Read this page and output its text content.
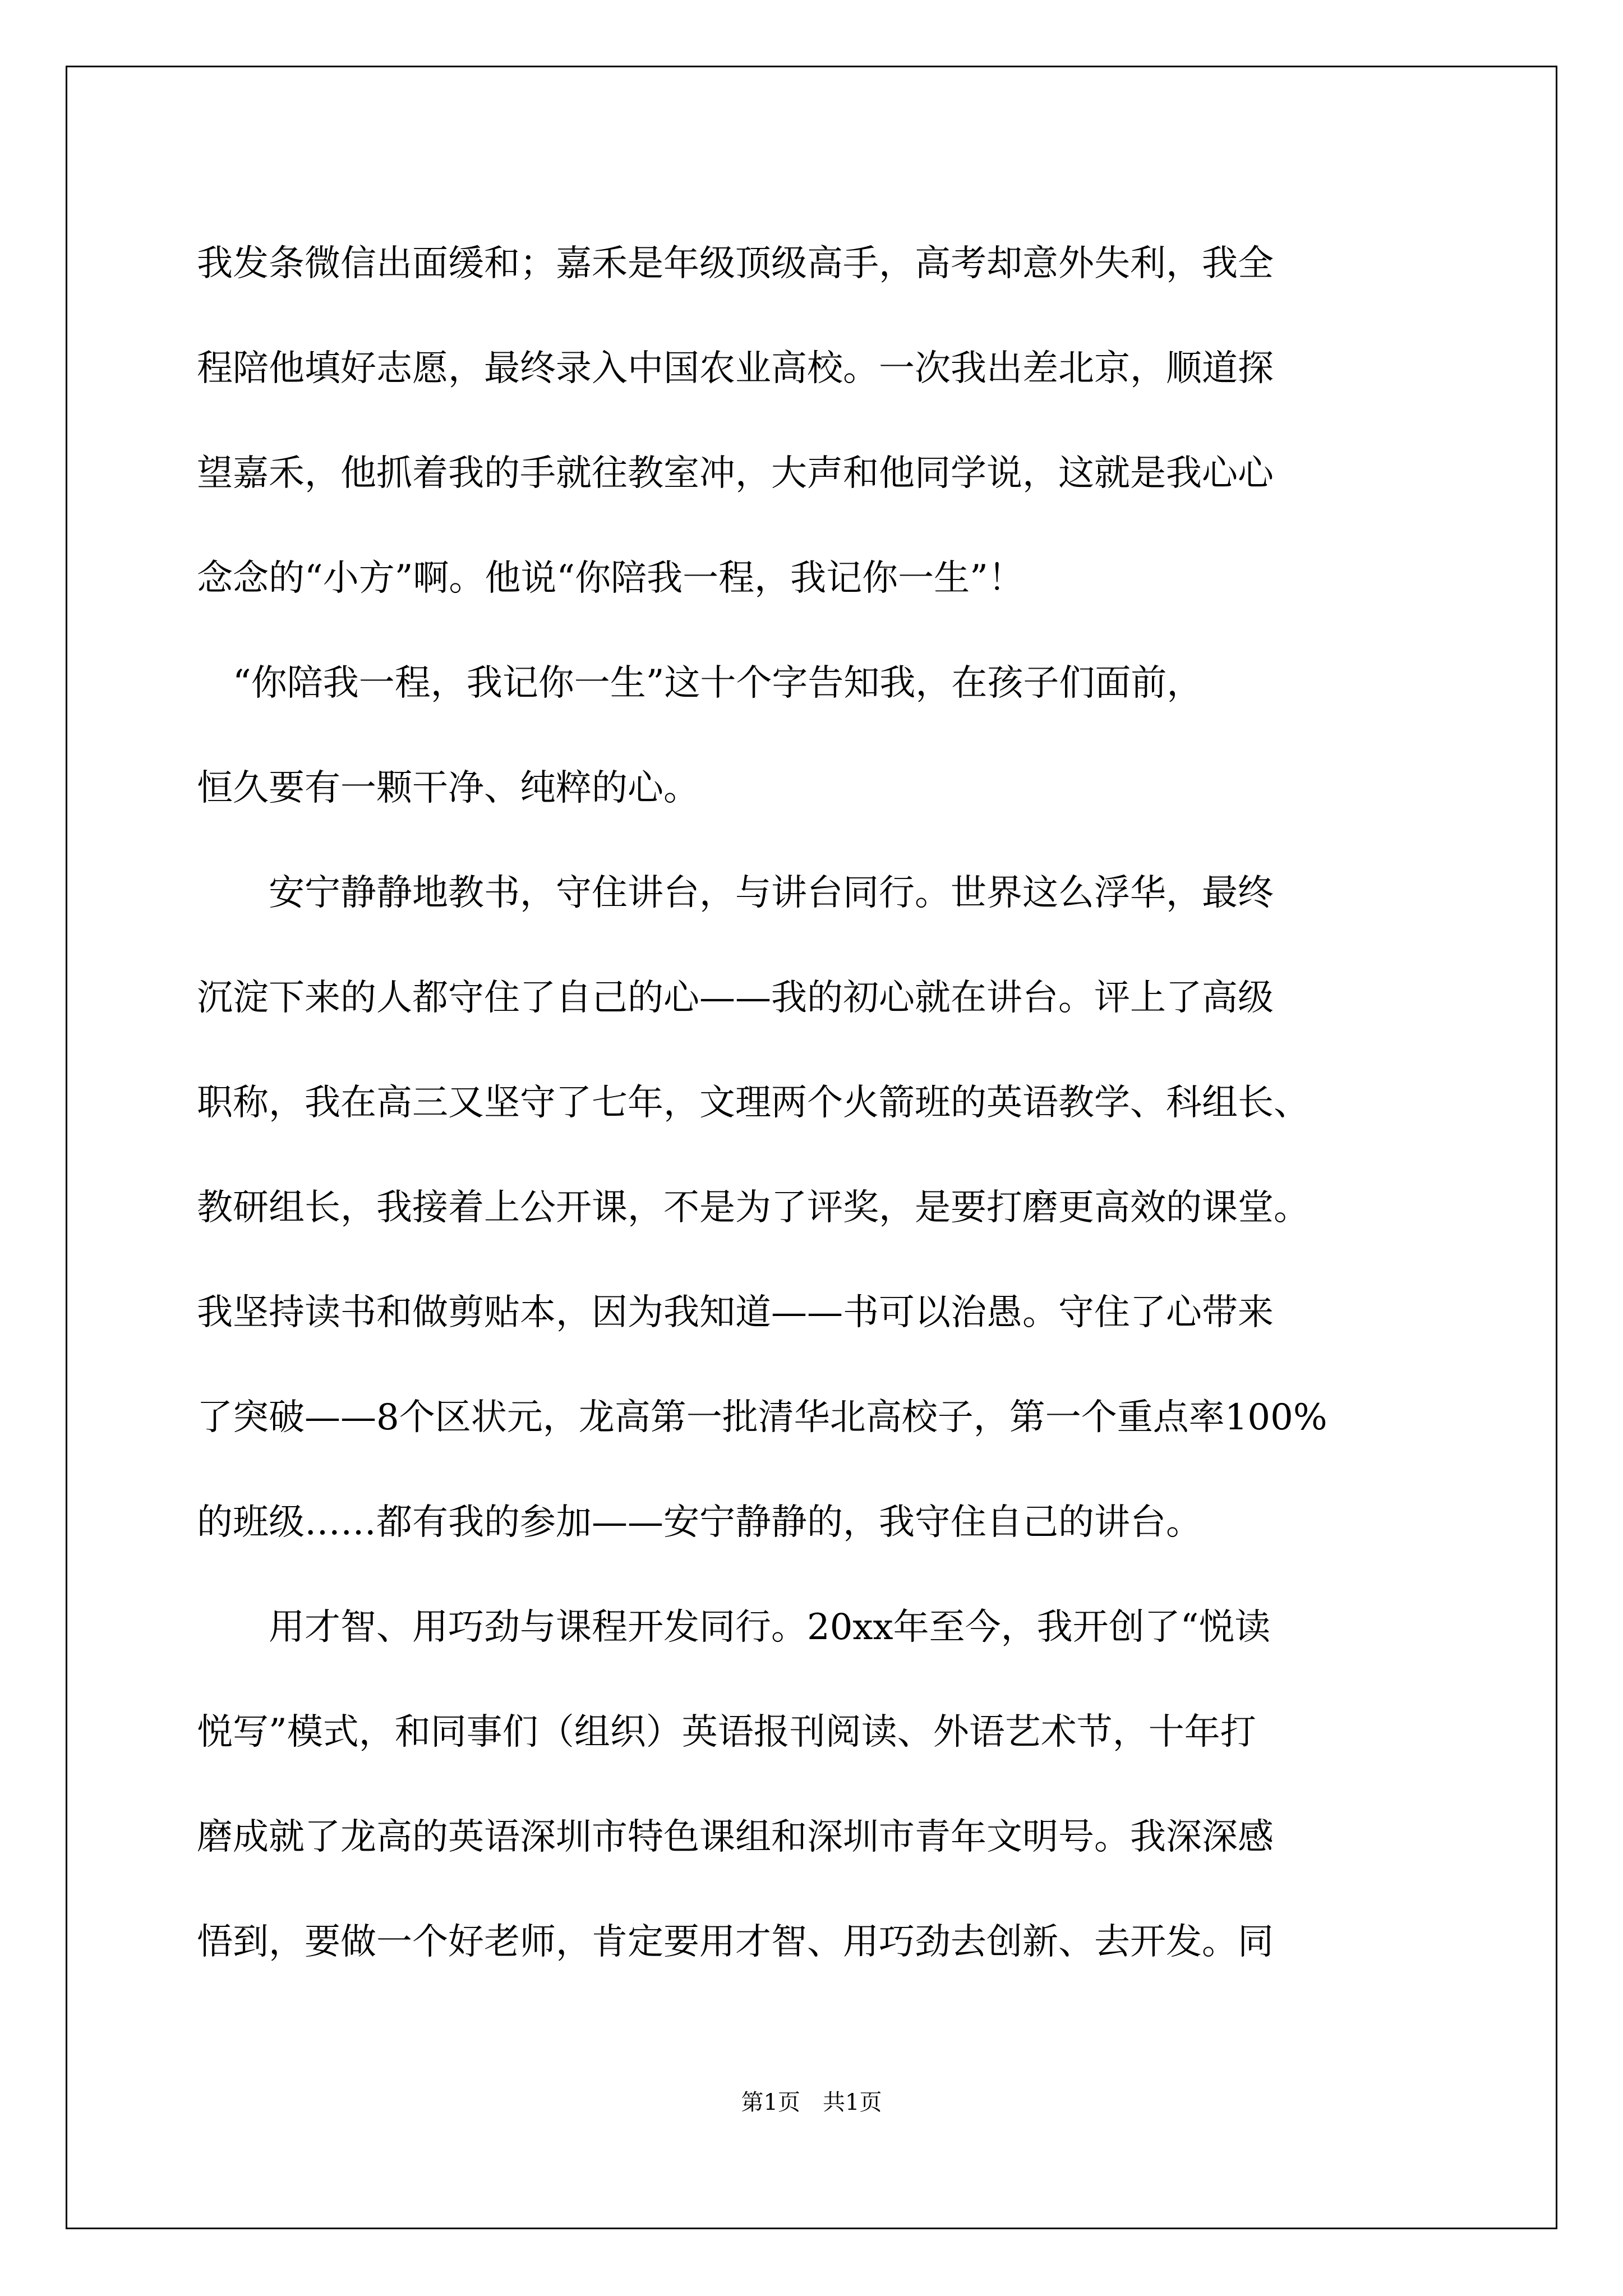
我发条微信出面缓和；嘉禾是年级顶级高手，高考却意外失利，我全
程陪他填好志愿，最终录入中国农业高校。一次我出差北京，顺道探
望嘉禾，他抓着我的手就往教室冲，大声和他同学说，这就是我心心
念念的“小方”啊。他说“你陪我一程，我记你一生”！
　“你陪我一程，我记你一生”这十个字告知我，在孩子们面前，
恒久要有一颗干净、纯粹的心。
　　安宁静静地教书，守住讲台，与讲台同行。世界这么浮华，最终
沉淀下来的人都守住了自己的心——我的初心就在讲台。评上了高级
职称，我在高三又坚守了七年，文理两个火箭班的英语教学、科组长、
教研组长，我接着上公开课，不是为了评奖，是要打磨更高效的课堂。
我坚持读书和做剪贴本，因为我知道——书可以治愚。守住了心带来
了突破——8个区状元，龙高第一批清华北高校子，第一个重点率100%
的班级……都有我的参加——安宁静静的，我守住自己的讲台。
　　用才智、用巧劲与课程开发同行。20xx年至今，我开创了“悦读
悦写”模式，和同事们（组织）英语报刊阅读、外语艺术节，十年打
磨成就了龙高的英语深圳市特色课组和深圳市青年文明号。我深深感
悟到，要做一个好老师，肯定要用才智、用巧劲去创新、去开发。同
第1页　共1页
